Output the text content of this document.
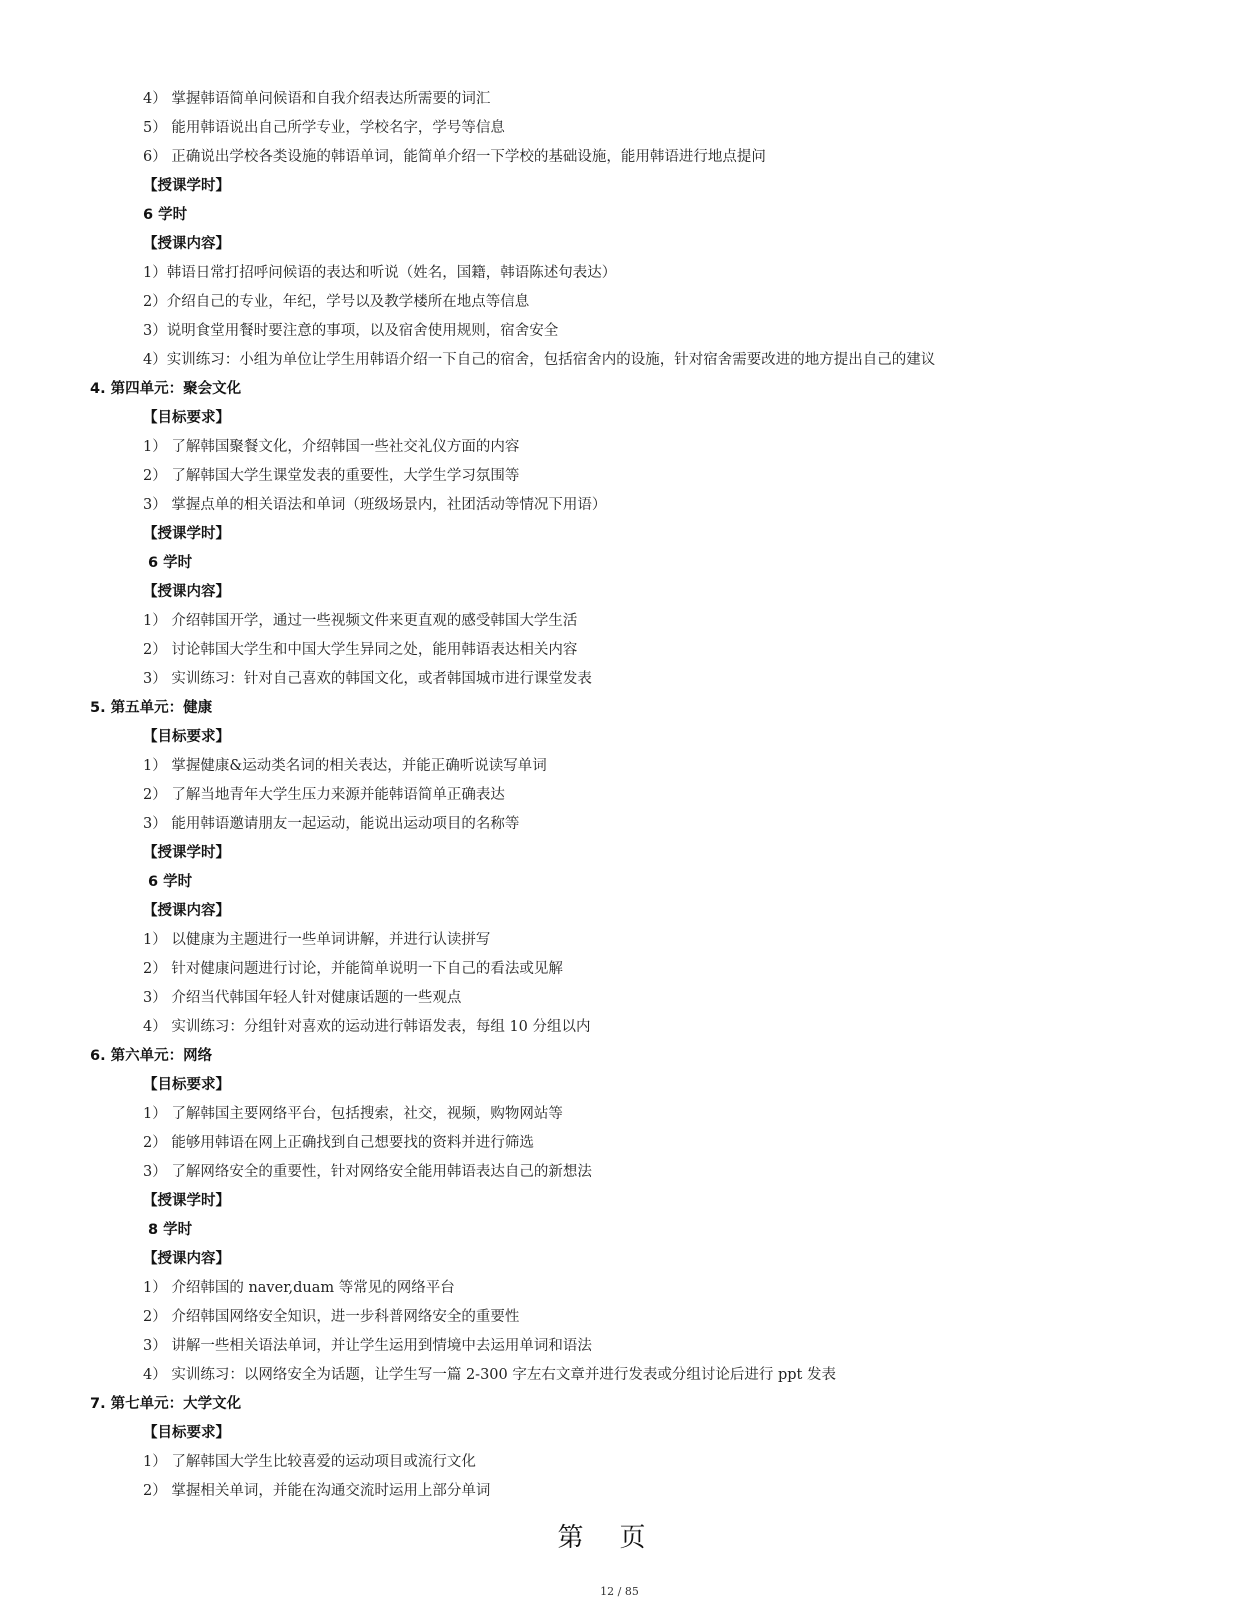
4） 掌握韩语简单问候语和自我介绍表达所需要的词汇
5） 能用韩语说出自己所学专业，学校名字，学号等信息
6） 正确说出学校各类设施的韩语单词，能简单介绍一下学校的基础设施，能用韩语进行地点提问
【授课学时】
6 学时
【授课内容】
1）韩语日常打招呼问候语的表达和听说（姓名，国籍，韩语陈述句表达）
2）介绍自己的专业，年纪，学号以及教学楼所在地点等信息
3）说明食堂用餐时要注意的事项，以及宿舍使用规则，宿舍安全
4）实训练习：小组为单位让学生用韩语介绍一下自己的宿舍，包括宿舍内的设施，针对宿舍需要改进的地方提出自己的建议
4. 第四单元：聚会文化
【目标要求】
1） 了解韩国聚餐文化，介绍韩国一些社交礼仪方面的内容
2） 了解韩国大学生课堂发表的重要性，大学生学习氛围等
3） 掌握点单的相关语法和单词（班级场景内，社团活动等情况下用语）
【授课学时】
6 学时
【授课内容】
1） 介绍韩国开学，通过一些视频文件来更直观的感受韩国大学生活
2） 讨论韩国大学生和中国大学生异同之处，能用韩语表达相关内容
3） 实训练习：针对自己喜欢的韩国文化，或者韩国城市进行课堂发表
5. 第五单元：健康
【目标要求】
1） 掌握健康&运动类名词的相关表达，并能正确听说读写单词
2） 了解当地青年大学生压力来源并能韩语简单正确表达
3） 能用韩语邀请朋友一起运动，能说出运动项目的名称等
【授课学时】
6 学时
【授课内容】
1） 以健康为主题进行一些单词讲解，并进行认读拼写
2） 针对健康问题进行讨论，并能简单说明一下自己的看法或见解
3） 介绍当代韩国年轻人针对健康话题的一些观点
4） 实训练习：分组针对喜欢的运动进行韩语发表，每组 10 分组以内
6. 第六单元：网络
【目标要求】
1） 了解韩国主要网络平台，包括搜索，社交，视频，购物网站等
2） 能够用韩语在网上正确找到自己想要找的资料并进行筛选
3） 了解网络安全的重要性，针对网络安全能用韩语表达自己的新想法
【授课学时】
8 学时
【授课内容】
1） 介绍韩国的 naver,duam 等常见的网络平台
2） 介绍韩国网络安全知识，进一步科普网络安全的重要性
3） 讲解一些相关语法单词，并让学生运用到情境中去运用单词和语法
4） 实训练习：以网络安全为话题，让学生写一篇 2-300 字左右文章并进行发表或分组讨论后进行 ppt 发表
7. 第七单元：大学文化
【目标要求】
1） 了解韩国大学生比较喜爱的运动项目或流行文化
2） 掌握相关单词，并能在沟通交流时运用上部分单词
第页
12 / 85
